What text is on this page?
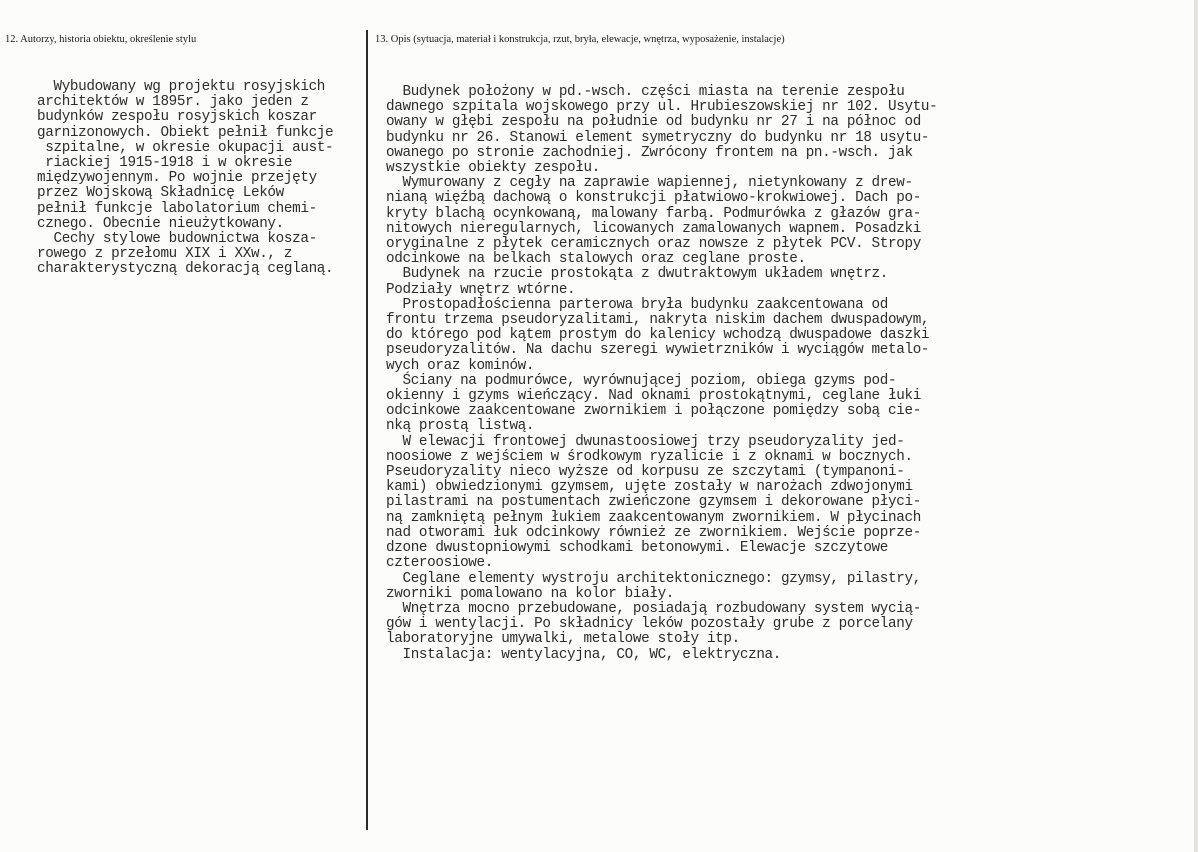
12. Autorzy, historia obiektu, określenie stylu	13. Opis (sytuacja, materiał i konstrukcja, rzut, bryła, elewacje, wnętrza, wyposażenie, instalacje)
Wybudowany wg projektu rosyjskich
architektów w 1895r. jako jeden z
budynków zespołu rosyjskich koszar
garnizonowych. Obiekt pełnił funkcje
szpitalne, w okresie okupacji aust-
riackiej 1915-1918 i w okresie
międzywojennym. Po wojnie przejęty
przez Wojskową Składnicę Leków
pełnił funkcje labolatorium chemi-
cznego. Obecnie nieużytkowany.
Cechy stylowe budownictwa kosza-
rowego z przełomu XIX i XXw., z
charakterystyczną dekoracją ceglaną.
Budynek położony w pd.-wsch. części miasta na terenie zespołu
dawnego szpitala wojskowego przy ul. Hrubieszowskiej nr 102. Usytu-
owany w głębi zespołu na południe od budynku nr 27 i na północ od
budynku nr 26. Stanowi element symetryczny do budynku nr 18 usytu-
owanego po stronie zachodniej. Zwrócony frontem na pn.-wsch. jak
wszystkie obiekty zespołu.
Wymurowany z cegły na zaprawie wapiennej, nietynkowany z drew-
nianą więźbą dachową o konstrukcji płatwiowo-krokwiowej. Dach po-
kryty blachą ocynkowaną, malowany farbą. Podmurówka z głazów gra-
nitowych nieregularnych, licowanych zamalowanych wapnem. Posadzki
oryginalne z płytek ceramicznych oraz nowsze z płytek PCV. Stropy
odcinkowe na belkach stalowych oraz ceglane proste.
Budynek na rzucie prostokąta z dwutraktowym układem wnętrz.
Podziały wnętrz wtórne.
Prostopadłościenna parterowa bryła budynku zaakcentowana od
frontu trzema pseudoryzalitami, nakryta niskim dachem dwuspadowym,
do którego pod kątem prostym do kalenicy wchodzą dwuspadowe daszki
pseudoryzalitów. Na dachu szeregi wywietrzników i wyciągów metalo-
wych oraz kominów.
Ściany na podmurówce, wyrównującej poziom, obiega gzyms pod-
okienny i gzyms wieńczący. Nad oknami prostokątnymi, ceglane łuki
odcinkowe zaakcentowane zwornikiem i połączone pomiędzy sobą cie-
nką prostą listwą.
W elewacji frontowej dwunastoosiowej trzy pseudoryzality jed-
noosiowe z wejściem w środkowym ryzalicie i z oknami w bocznych.
Pseudoryzality nieco wyższe od korpusu ze szczytami (tympanoni-
kami) obwiedzionymi gzymsem, ujęte zostały w narożach zdwojonymi
pilastrami na postumentach zwieńczone gzymsem i dekorowane płyci-
ną zamkniętą pełnym łukiem zaakcentowanym zwornikiem. W płycinach
nad otworami łuk odcinkowy również ze zwornikiem. Wejście poprze-
dzone dwustopniowymi schodkami betonowymi. Elewacje szczytowe
czteroosiowe.
Ceglane elementy wystroju architektonicznego: gzymsy, pilastry,
zworniki pomalowano na kolor biały.
Wnętrza mocno przebudowane, posiadają rozbudowany system wycią-
gów i wentylacji. Po składnicy leków pozostały grube z porcelany
laboratoryjne umywalki, metalowe stoły itp.
Instalacja: wentylacyjna, CO, WC, elektryczna.
